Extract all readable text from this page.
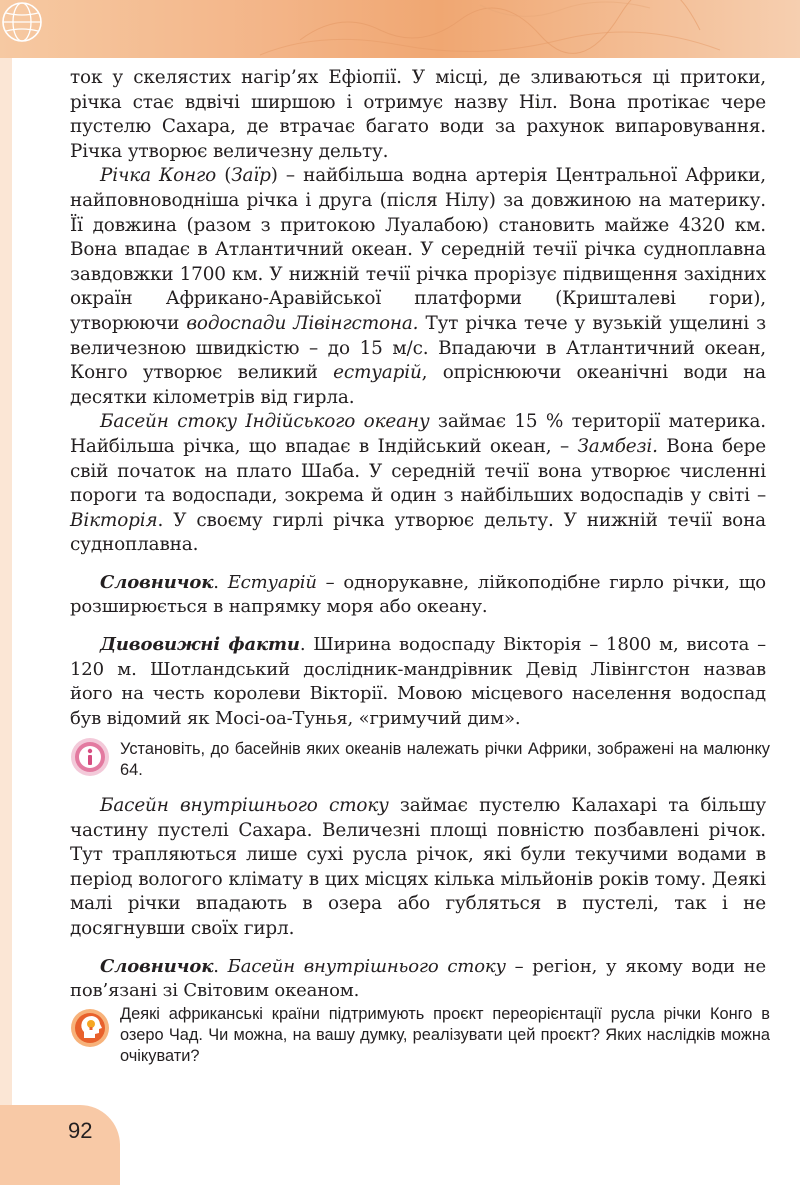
ток у скелястих нагір’ях Ефіопії. У місці, де зливаються ці притоки, річка стає вдвічі ширшою і отримує назву Ніл. Вона протікає чере пустелю Сахара, де втрачає багато води за рахунок випаровування. Річка утворює величезну дельту.

Річка Конго (Заїр) – найбільша водна артерія Центральної Африки, найповноводніша річка і друга (після Нілу) за довжиною на материку. Її довжина (разом з притокою Луалабою) становить майже 4320 км. Вона впадає в Атлантичний океан. У середній течії річка судноплавна завдовжки 1700 км. У нижній течії річка прорізує підвищення західних окраїн Африкано-Аравійської платформи (Кришталеві гори), утворюючи водоспади Лівінгстона. Тут річка тече у вузькій ущелині з величезною швидкістю – до 15 м/с. Впадаючи в Атлантичний океан, Конго утворює великий естуарій, опріснюючи океанічні води на десятки кілометрів від гирла.

Басейн стоку Індійського океану займає 15 % території материка. Найбільша річка, що впадає в Індійський океан, – Замбезі. Вона бере свій початок на плато Шаба. У середній течії вона утворює численні пороги та водоспади, зокрема й один з найбільших водоспадів у світі – Вікторія. У своєму гирлі річка утворює дельту. У нижній течії вона судноплавна.

Словничок. Естуарій – однорукавне, лійкоподібне гирло річки, що розширюється в напрямку моря або океану.

Дивовижні факти. Ширина водоспаду Вікторія – 1800 м, висота – 120 м. Шотландський дослідник-мандрівник Девід Лівінгстон назвав його на честь королеви Вікторії. Мовою місцевого населення водоспад був відомий як Мосі-оа-Тунья, «гримучий дим».

Установіть, до басейнів яких океанів належать річки Африки, зображені на малюнку 64.

Басейн внутрішнього стоку займає пустелю Калахарі та більшу частину пустелі Сахара. Величезні площі повністю позбавлені річок. Тут трапляються лише сухі русла річок, які були текучими водами в період вологого клімату в цих місцях кілька мільйонів років тому. Деякі малі річки впадають в озера або губляться в пустелі, так і не досягнувши своїх гирл.

Словничок. Басейн внутрішнього стоку – регіон, у якому води не пов’язані зі Світовим океаном.

Деякі африканські країни підтримують проєкт переорієнтації русла річки Конго в озеро Чад. Чи можна, на вашу думку, реалізувати цей проєкт? Яких наслідків можна очікувати?
92
